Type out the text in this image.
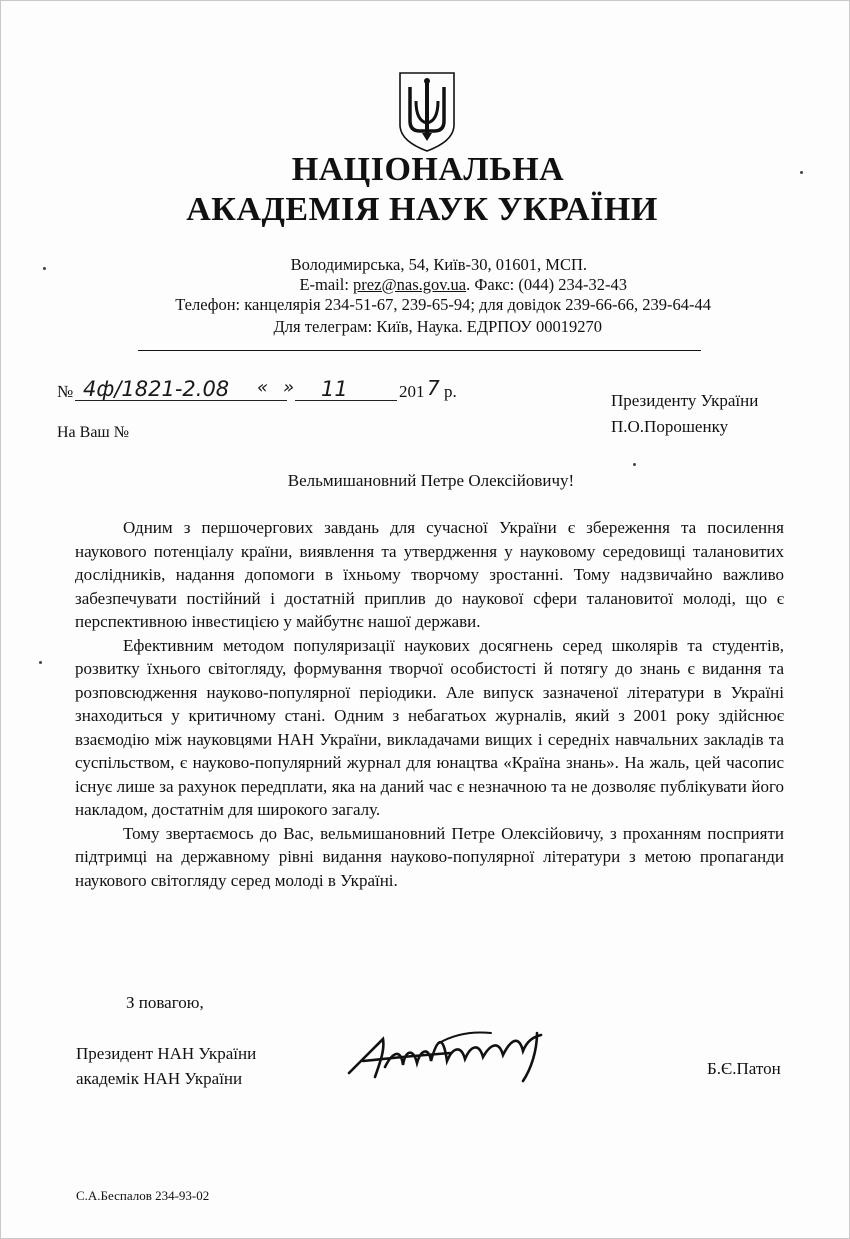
НАЦІОНАЛЬНА
АКАДЕМІЯ НАУК УКРАЇНИ
Володимирська, 54, Київ-30, 01601, МСП.
E-mail: prez@nas.gov.ua. Факс: (044) 234-32-43
Телефон: канцелярія 234-51-67, 239-65-94; для довідок 239-66-66, 239-64-44
Для телеграм: Київ, Наука. ЕДРПОУ 00019270
№ 4ф/1821-2.08 « » 11	201 7 р.
На Ваш №
Президенту України
П.О.Порошенку
Вельмишановний Петре Олексійовичу!

Одним з першочергових завдань для сучасної України є збереження та посилення наукового потенціалу країни, виявлення та утвердження у науковому середовищі талановитих дослідників, надання допомоги в їхньому творчому зростанні. Тому надзвичайно важливо забезпечувати постійний і достатній приплив до наукової сфери талановитої молоді, що є перспективною інвестицією у майбутнє нашої держави.

Ефективним методом популяризації наукових досягнень серед школярів та студентів, розвитку їхнього світогляду, формування творчої особистості й потягу до знань є видання та розповсюдження науково-популярної періодики. Але випуск зазначеної літератури в Україні знаходиться у критичному стані. Одним з небагатьох журналів, який з 2001 року здійснює взаємодію між науковцями НАН України, викладачами вищих і середніх навчальних закладів та суспільством, є науково-популярний журнал для юнацтва «Країна знань». На жаль, цей часопис існує лише за рахунок передплати, яка на даний час є незначною та не дозволяє публікувати його накладом, достатнім для широкого загалу.

Тому звертаємось до Вас, вельмишановний Петре Олексійовичу, з проханням посприяти підтримці на державному рівні видання науково-популярної літератури з метою пропаганди наукового світогляду серед молоді в Україні.

З повагою,
Президент НАН України
академік НАН України
Б.Є.Патон
С.А.Беспалов 234-93-02
